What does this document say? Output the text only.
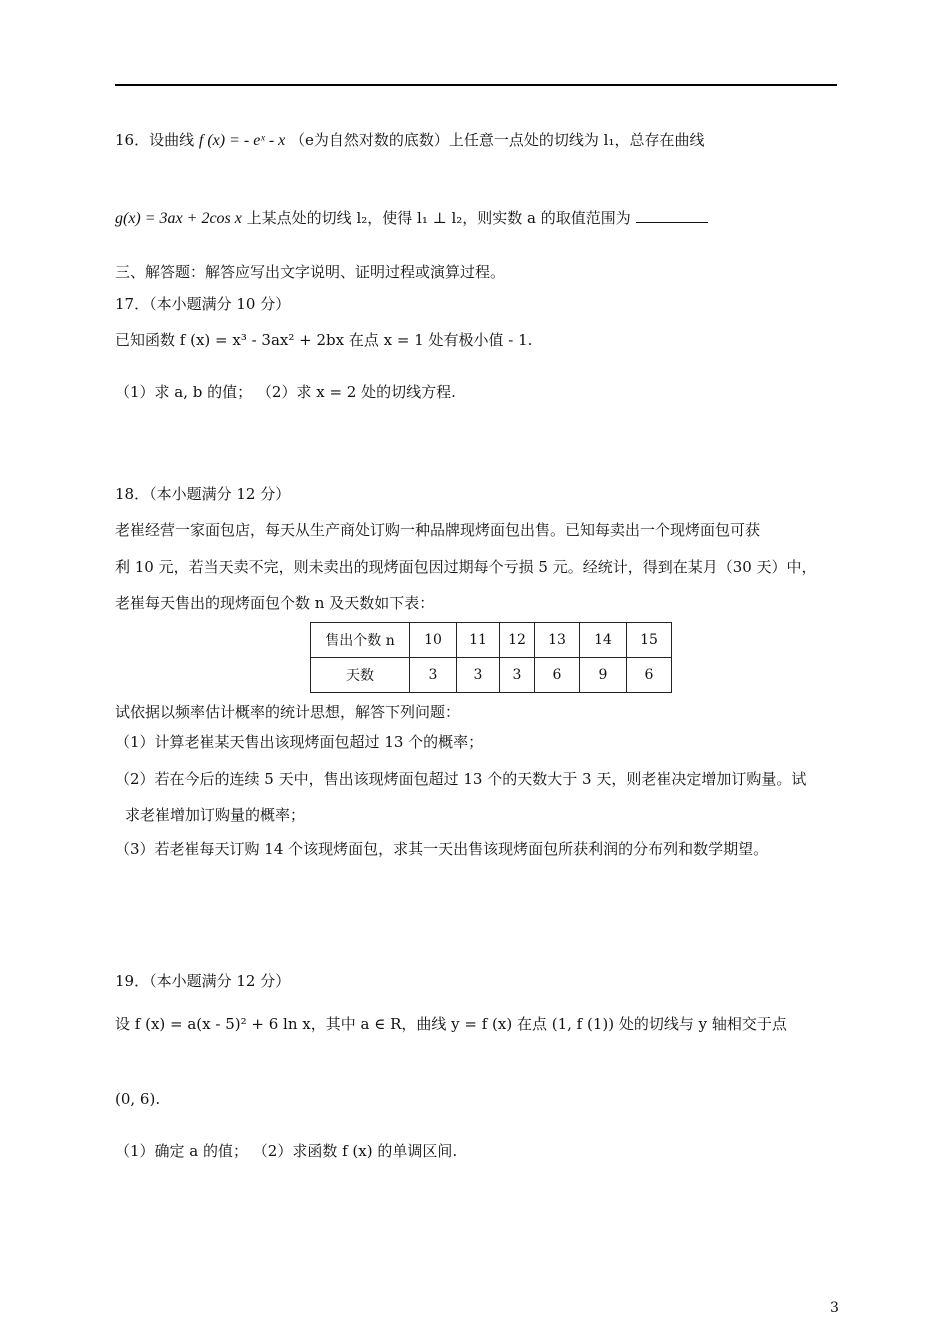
16．设曲线 f (x) = - eˣ - x （e为自然对数的底数）上任意一点处的切线为 l₁，总存在曲线
g(x) = 3ax + 2cos x 上某点处的切线 l₂，使得 l₁ ⊥ l₂，则实数 a 的取值范围为
三、解答题：解答应写出文字说明、证明过程或演算过程。
17．（本小题满分 10 分）
已知函数 f (x) = x³ - 3ax² + 2bx 在点 x = 1 处有极小值 - 1.
（1）求 a, b 的值； （2）求 x = 2 处的切线方程.
18．（本小题满分 12 分）
老崔经营一家面包店，每天从生产商处订购一种品牌现烤面包出售。已知每卖出一个现烤面包可获
利 10 元，若当天卖不完，则未卖出的现烤面包因过期每个亏损 5 元。经统计，得到在某月（30 天）中，
老崔每天售出的现烤面包个数 n 及天数如下表：
售出个数 n	10	11	12	13	14	15
天数	3	3	3	6	9	6
试依据以频率估计概率的统计思想，解答下列问题：
（1）计算老崔某天售出该现烤面包超过 13 个的概率；
（2）若在今后的连续 5 天中，售出该现烤面包超过 13 个的天数大于 3 天，则老崔决定增加订购量。试
求老崔增加订购量的概率；
（3）若老崔每天订购 14 个该现烤面包，求其一天出售该现烤面包所获利润的分布列和数学期望。
19．（本小题满分 12 分）
设 f (x) = a(x - 5)² + 6 ln x，其中 a ∈ R，曲线 y = f (x) 在点 (1, f (1)) 处的切线与 y 轴相交于点
(0, 6).
（1）确定 a 的值； （2）求函数 f (x) 的单调区间.
3
